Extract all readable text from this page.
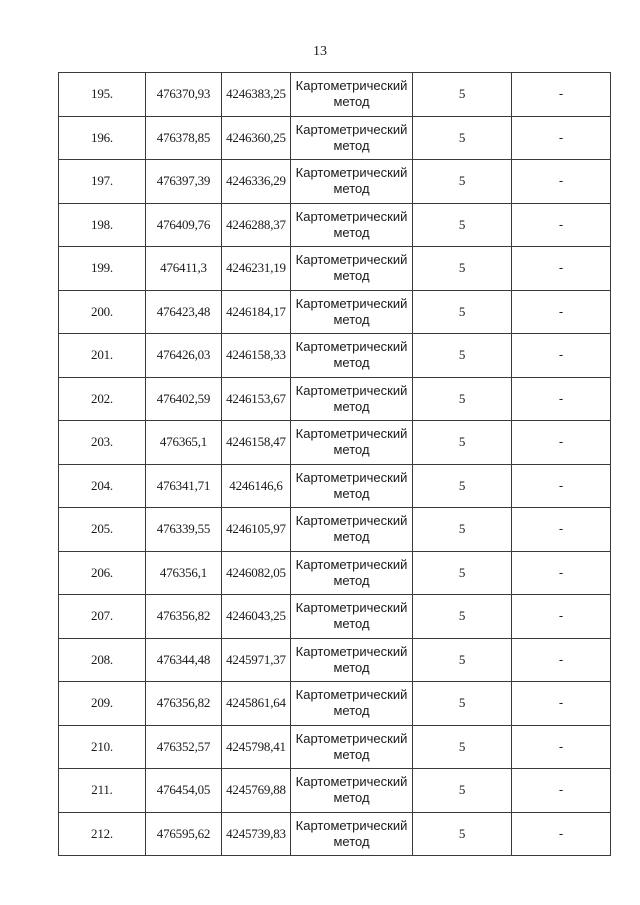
13
195.	476370,93	4246383,25	Картометрический метод	5	-
196.	476378,85	4246360,25	Картометрический метод	5	-
197.	476397,39	4246336,29	Картометрический метод	5	-
198.	476409,76	4246288,37	Картометрический метод	5	-
199.	476411,3	4246231,19	Картометрический метод	5	-
200.	476423,48	4246184,17	Картометрический метод	5	-
201.	476426,03	4246158,33	Картометрический метод	5	-
202.	476402,59	4246153,67	Картометрический метод	5	-
203.	476365,1	4246158,47	Картометрический метод	5	-
204.	476341,71	4246146,6	Картометрический метод	5	-
205.	476339,55	4246105,97	Картометрический метод	5	-
206.	476356,1	4246082,05	Картометрический метод	5	-
207.	476356,82	4246043,25	Картометрический метод	5	-
208.	476344,48	4245971,37	Картометрический метод	5	-
209.	476356,82	4245861,64	Картометрический метод	5	-
210.	476352,57	4245798,41	Картометрический метод	5	-
211.	476454,05	4245769,88	Картометрический метод	5	-
212.	476595,62	4245739,83	Картометрический метод	5	-
